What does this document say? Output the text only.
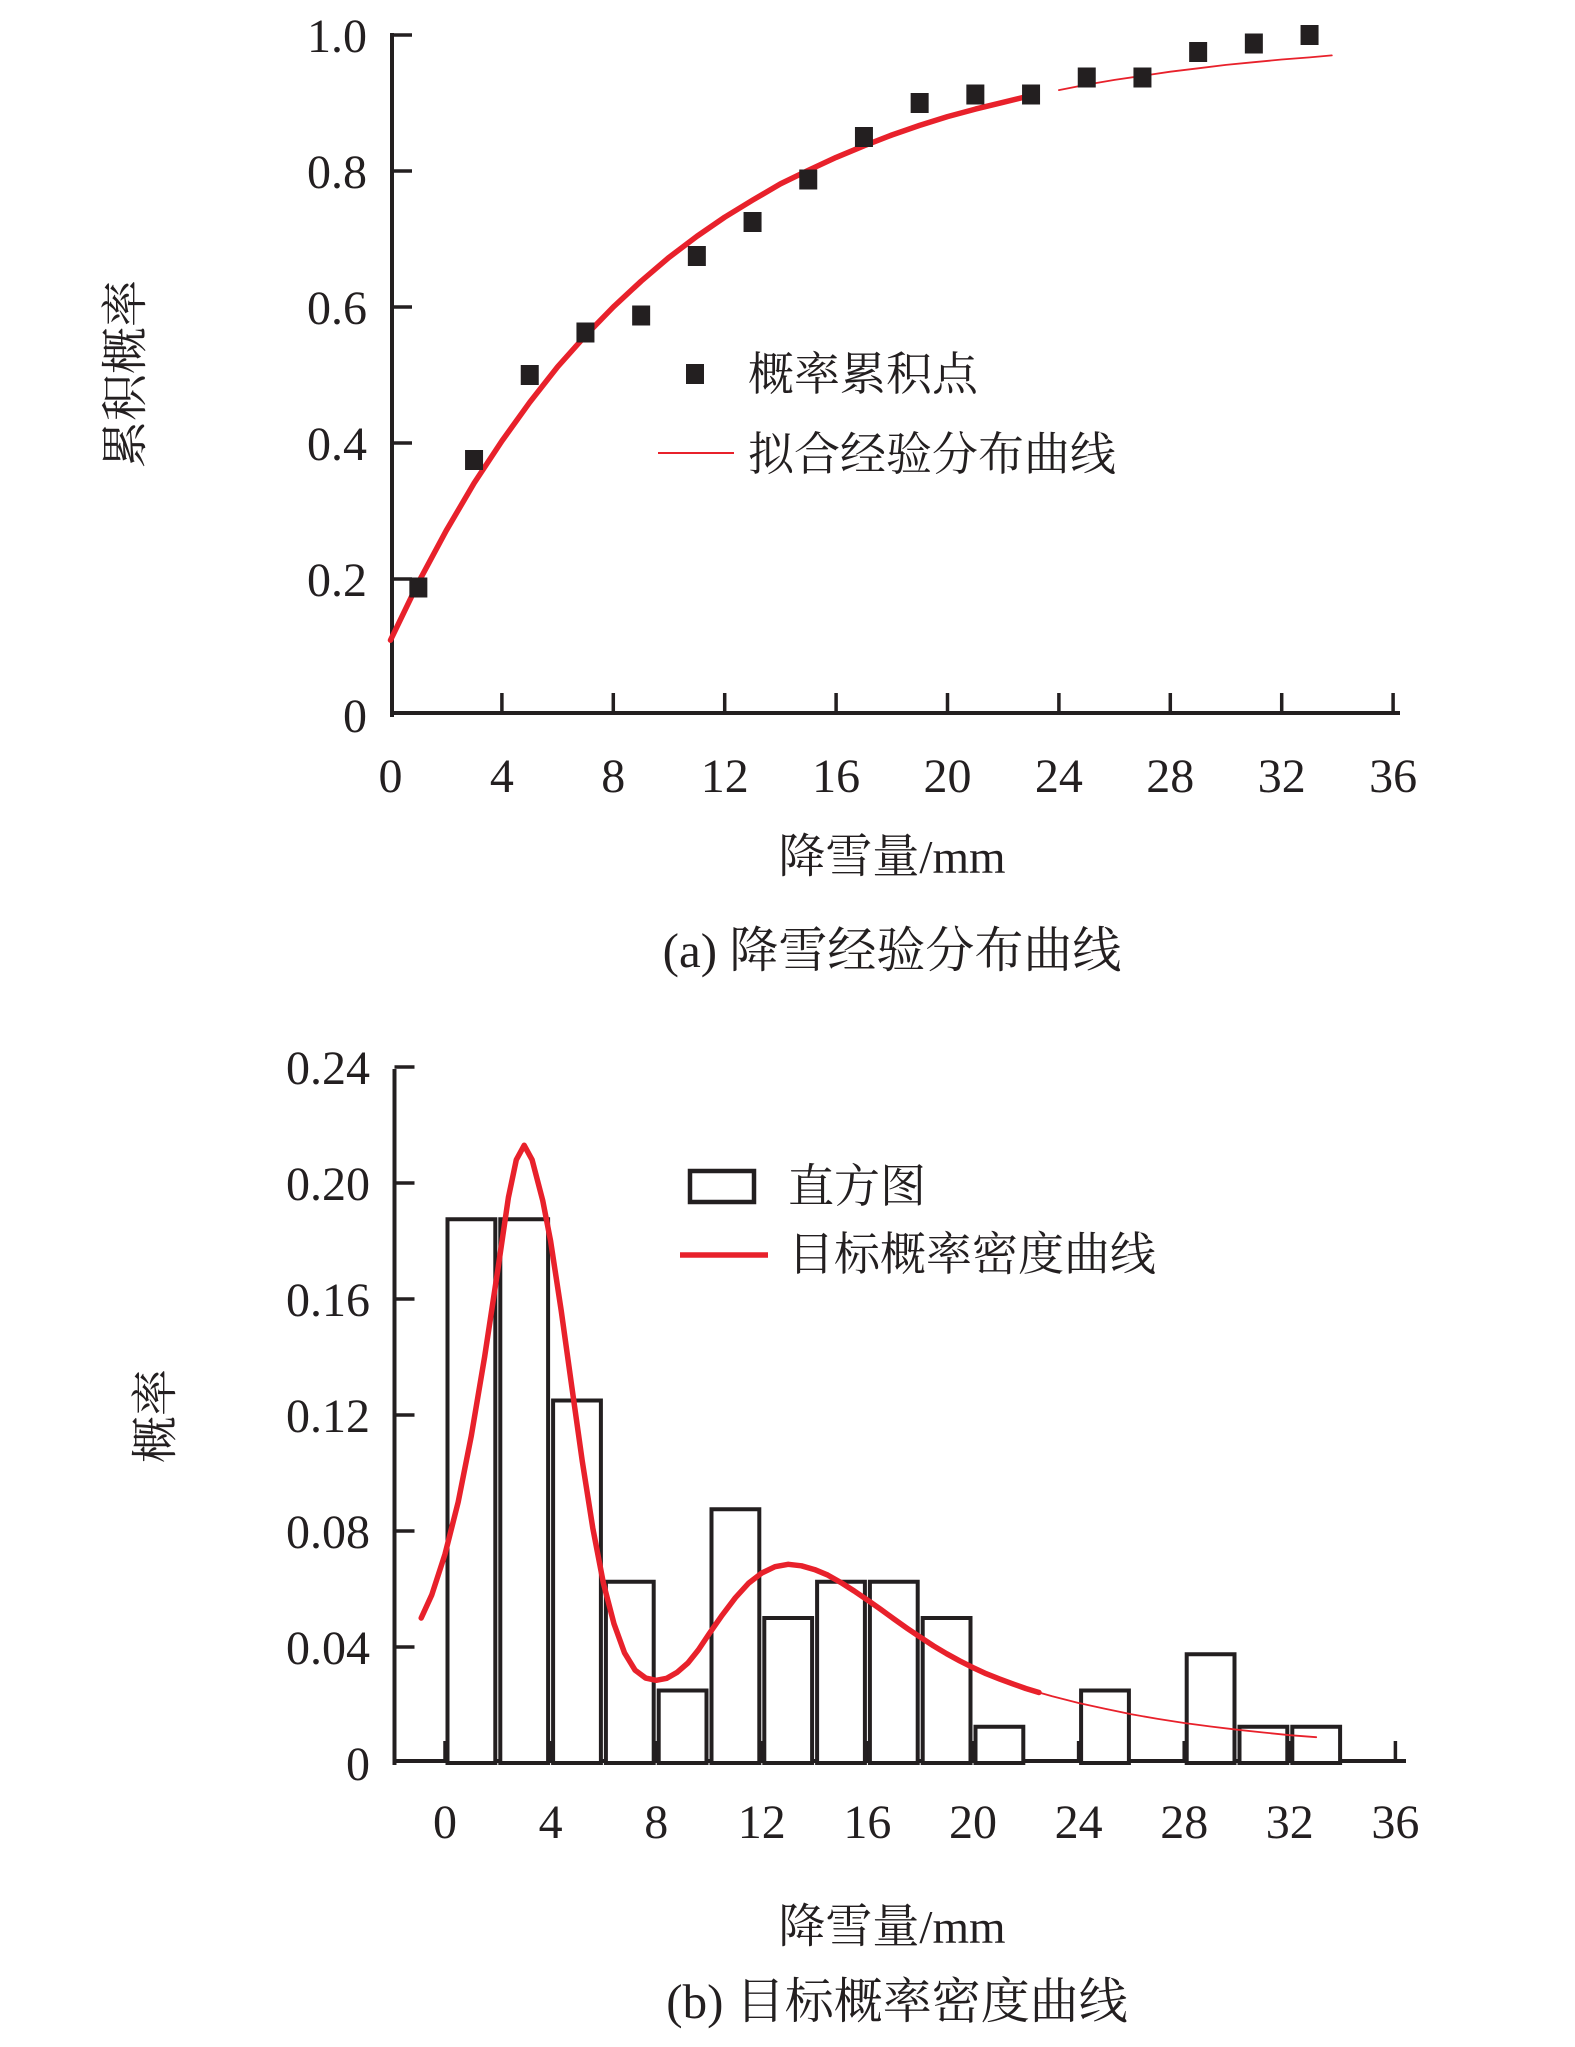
0
0.2
0.4
0.6
0.8
1.0
0 4 8 12 16 20 24 28 32 36
概率累积点
拟合经验分布曲线
0
0.04
0.08
0.12
0.16
0.20
0.24
0 4 8 12 16 20 24 28 32 36
直方图
目标概率密度曲线
累积概率
降雪量/mm
(a) 降雪经验分布曲线
概率
降雪量/mm
(b) 目标概率密度曲线
